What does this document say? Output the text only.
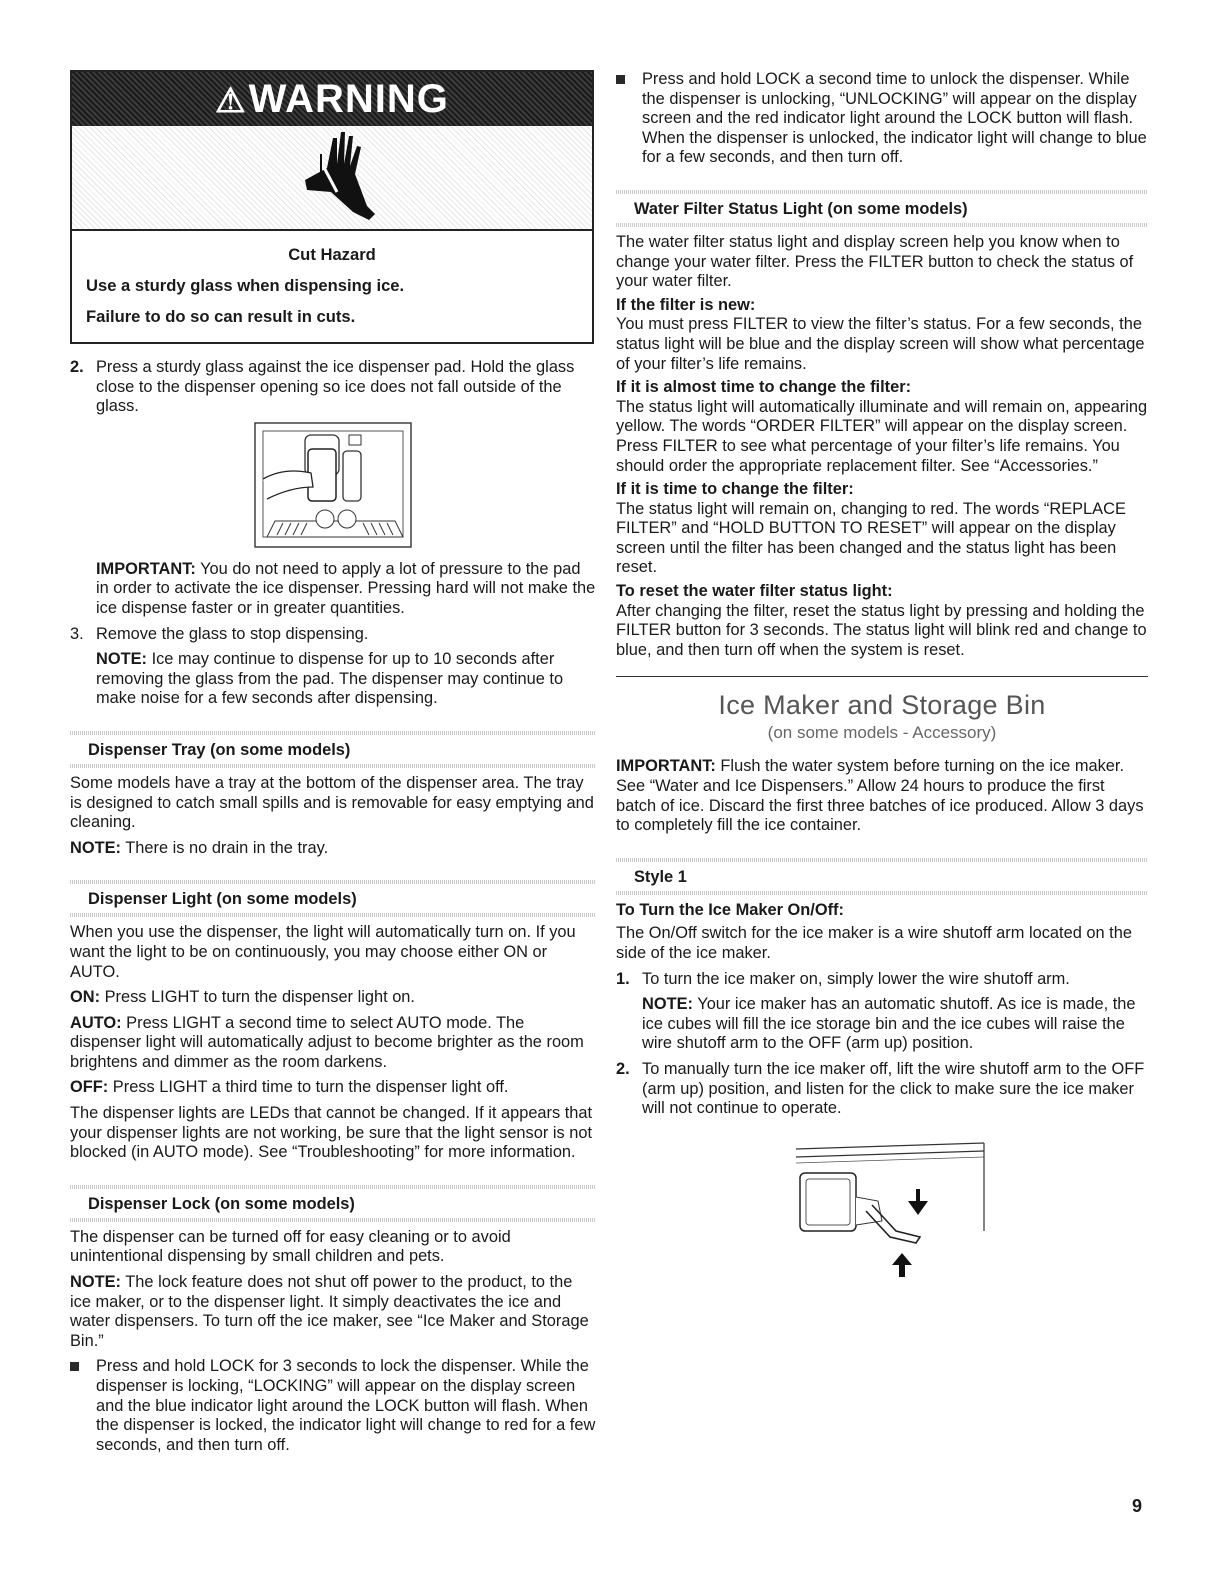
⚠WARNING

Cut Hazard

Use a sturdy glass when dispensing ice.

Failure to do so can result in cuts.

2. Press a sturdy glass against the ice dispenser pad. Hold the glass close to the dispenser opening so ice does not fall outside of the glass.

IMPORTANT: You do not need to apply a lot of pressure to the pad in order to activate the ice dispenser. Pressing hard will not make the ice dispense faster or in greater quantities.

3. Remove the glass to stop dispensing.

NOTE: Ice may continue to dispense for up to 10 seconds after removing the glass from the pad. The dispenser may continue to make noise for a few seconds after dispensing.

Dispenser Tray (on some models)

Some models have a tray at the bottom of the dispenser area. The tray is designed to catch small spills and is removable for easy emptying and cleaning.

NOTE: There is no drain in the tray.

Dispenser Light (on some models)

When you use the dispenser, the light will automatically turn on. If you want the light to be on continuously, you may choose either ON or AUTO.

ON: Press LIGHT to turn the dispenser light on.

AUTO: Press LIGHT a second time to select AUTO mode. The dispenser light will automatically adjust to become brighter as the room brightens and dimmer as the room darkens.

OFF: Press LIGHT a third time to turn the dispenser light off.

The dispenser lights are LEDs that cannot be changed. If it appears that your dispenser lights are not working, be sure that the light sensor is not blocked (in AUTO mode). See “Troubleshooting” for more information.

Dispenser Lock (on some models)

The dispenser can be turned off for easy cleaning or to avoid unintentional dispensing by small children and pets.

NOTE: The lock feature does not shut off power to the product, to the ice maker, or to the dispenser light. It simply deactivates the ice and water dispensers. To turn off the ice maker, see “Ice Maker and Storage Bin.”

Press and hold LOCK for 3 seconds to lock the dispenser. While the dispenser is locking, “LOCKING” will appear on the display screen and the blue indicator light around the LOCK button will flash. When the dispenser is locked, the indicator light will change to red for a few seconds, and then turn off.

Press and hold LOCK a second time to unlock the dispenser. While the dispenser is unlocking, “UNLOCKING” will appear on the display screen and the red indicator light around the LOCK button will flash. When the dispenser is unlocked, the indicator light will change to blue for a few seconds, and then turn off.

Water Filter Status Light (on some models)

The water filter status light and display screen help you know when to change your water filter. Press the FILTER button to check the status of your water filter.

If the filter is new:

You must press FILTER to view the filter’s status. For a few seconds, the status light will be blue and the display screen will show what percentage of your filter’s life remains.

If it is almost time to change the filter:

The status light will automatically illuminate and will remain on, appearing yellow. The words “ORDER FILTER” will appear on the display screen. Press FILTER to see what percentage of your filter’s life remains. You should order the appropriate replacement filter. See “Accessories.”

If it is time to change the filter:

The status light will remain on, changing to red. The words “REPLACE FILTER” and “HOLD BUTTON TO RESET” will appear on the display screen until the filter has been changed and the status light has been reset.

To reset the water filter status light:

After changing the filter, reset the status light by pressing and holding the FILTER button for 3 seconds. The status light will blink red and change to blue, and then turn off when the system is reset.

Ice Maker and Storage Bin
(on some models - Accessory)

IMPORTANT: Flush the water system before turning on the ice maker. See “Water and Ice Dispensers.” Allow 24 hours to produce the first batch of ice. Discard the first three batches of ice produced. Allow 3 days to completely fill the ice container.

Style 1

To Turn the Ice Maker On/Off:

The On/Off switch for the ice maker is a wire shutoff arm located on the side of the ice maker.

1. To turn the ice maker on, simply lower the wire shutoff arm.

NOTE: Your ice maker has an automatic shutoff. As ice is made, the ice cubes will fill the ice storage bin and the ice cubes will raise the wire shutoff arm to the OFF (arm up) position.

2. To manually turn the ice maker off, lift the wire shutoff arm to the OFF (arm up) position, and listen for the click to make sure the ice maker will not continue to operate.

9
